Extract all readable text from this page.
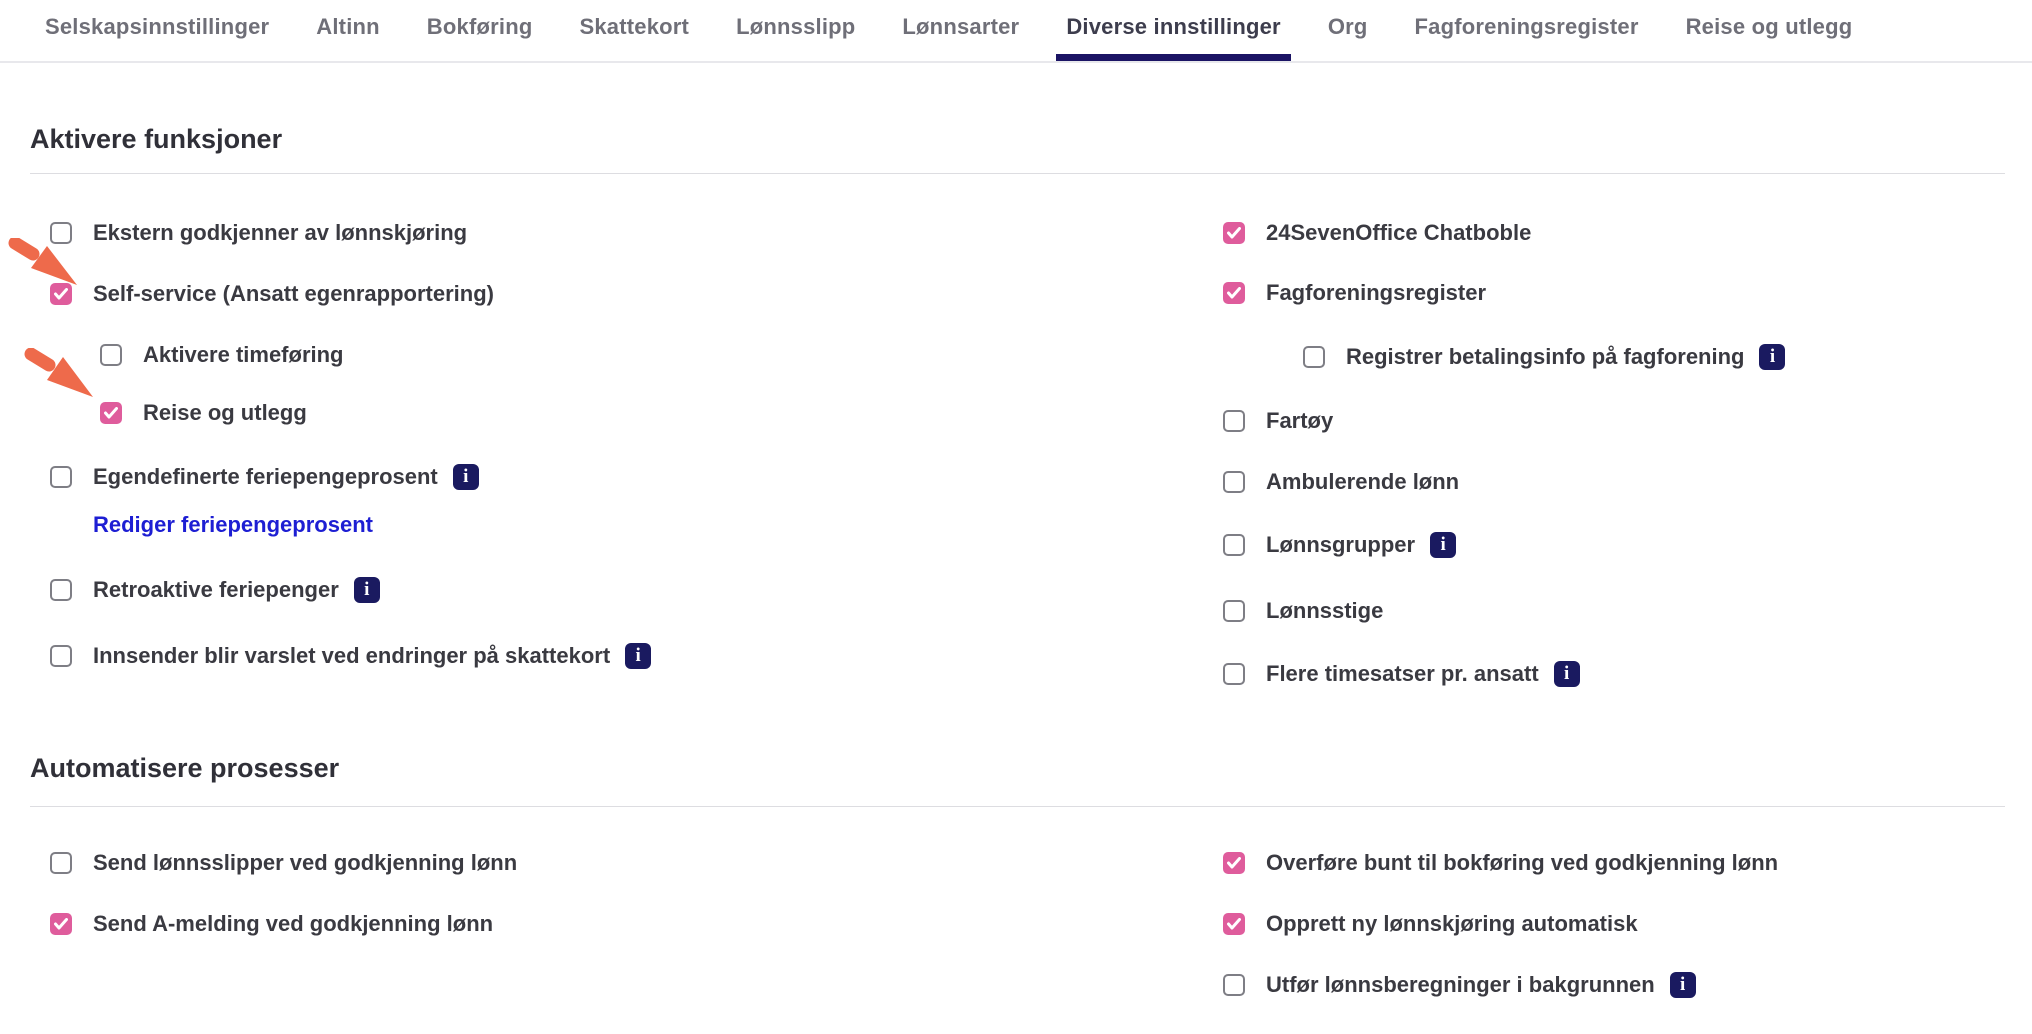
Selskapsinnstillinger	Altinn	Bokføring	Skattekort	Lønnsslipp	Lønnsarter	Diverse innstillinger	Org	Fagforeningsregister	Reise og utlegg
Aktivere funksjoner
Automatisere prosesser
Ekstern godkjenner av lønnskjøring
Self-service (Ansatt egenrapportering)
Aktivere timeføring
Reise og utlegg
Egendefinerte feriepengeprosent	i
Rediger feriepengeprosent
Retroaktive feriepenger	i
Innsender blir varslet ved endringer på skattekort	i
24SevenOffice Chatboble
Fagforeningsregister
Registrer betalingsinfo på fagforening	i
Fartøy
Ambulerende lønn
Lønnsgrupper	i
Lønnsstige
Flere timesatser pr. ansatt	i
Send lønnsslipper ved godkjenning lønn
Send A-melding ved godkjenning lønn
Overføre bunt til bokføring ved godkjenning lønn
Opprett ny lønnskjøring automatisk
Utfør lønnsberegninger i bakgrunnen	i
